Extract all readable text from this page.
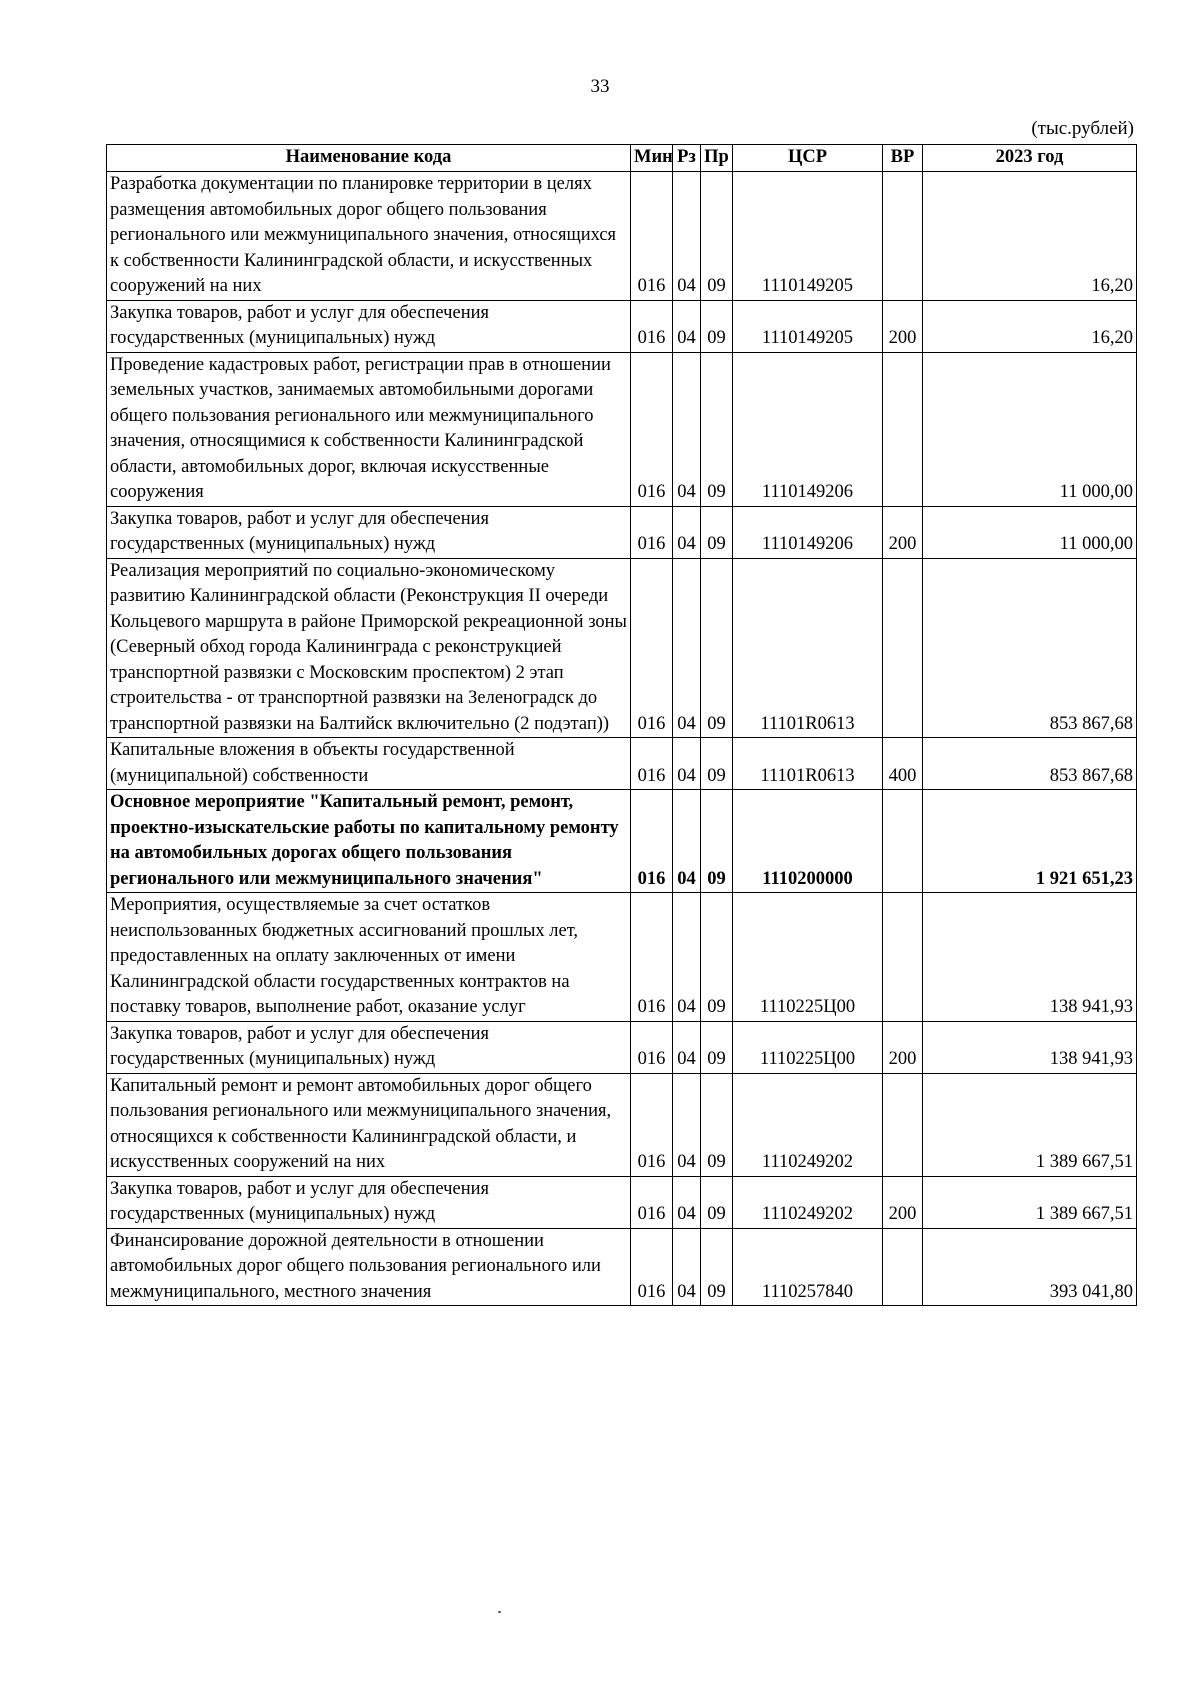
33
(тыс.рублей)
Наименование кода	Мин	Рз	Пр	ЦСР	ВР	2023 год
Разработка документации по планировке территории в целях размещения автомобильных дорог общего пользования регионального или межмуниципального значения, относящихся к собственности Калининградской области, и искусственных сооружений на них	016	04	09	1110149205		16,20
Закупка товаров, работ и услуг для обеспечения государственных (муниципальных) нужд	016	04	09	1110149205	200	16,20
Проведение кадастровых работ, регистрации прав в отношении земельных участков, занимаемых автомобильными дорогами общего пользования регионального или межмуниципального значения, относящимися к собственности Калининградской области, автомобильных дорог, включая искусственные сооружения	016	04	09	1110149206		11 000,00
Закупка товаров, работ и услуг для обеспечения государственных (муниципальных) нужд	016	04	09	1110149206	200	11 000,00
Реализация мероприятий по социально-экономическому развитию Калининградской области (Реконструкция II очереди Кольцевого маршрута в районе Приморской рекреационной зоны (Северный обход города Калининграда с реконструкцией транспортной развязки с Московским проспектом) 2 этап строительства - от транспортной развязки на Зеленоградск до транспортной развязки на Балтийск включительно (2 подэтап))	016	04	09	11101R0613		853 867,68
Капитальные вложения в объекты государственной (муниципальной) собственности	016	04	09	11101R0613	400	853 867,68
Основное мероприятие "Капитальный ремонт, ремонт, проектно-изыскательские работы по капитальному ремонту на автомобильных дорогах общего пользования регионального или межмуниципального значения"	016	04	09	1110200000		1 921 651,23
Мероприятия, осуществляемые за счет остатков неиспользованных бюджетных ассигнований прошлых лет, предоставленных на оплату заключенных от имени Калининградской области государственных контрактов на поставку товаров, выполнение работ, оказание услуг	016	04	09	1110225Ц00		138 941,93
Закупка товаров, работ и услуг для обеспечения государственных (муниципальных) нужд	016	04	09	1110225Ц00	200	138 941,93
Капитальный ремонт и ремонт автомобильных дорог общего пользования регионального или межмуниципального значения, относящихся к собственности Калининградской области, и искусственных сооружений на них	016	04	09	1110249202		1 389 667,51
Закупка товаров, работ и услуг для обеспечения государственных (муниципальных) нужд	016	04	09	1110249202	200	1 389 667,51
Финансирование дорожной деятельности в отношении автомобильных дорог общего пользования регионального или межмуниципального, местного значения	016	04	09	1110257840		393 041,80
